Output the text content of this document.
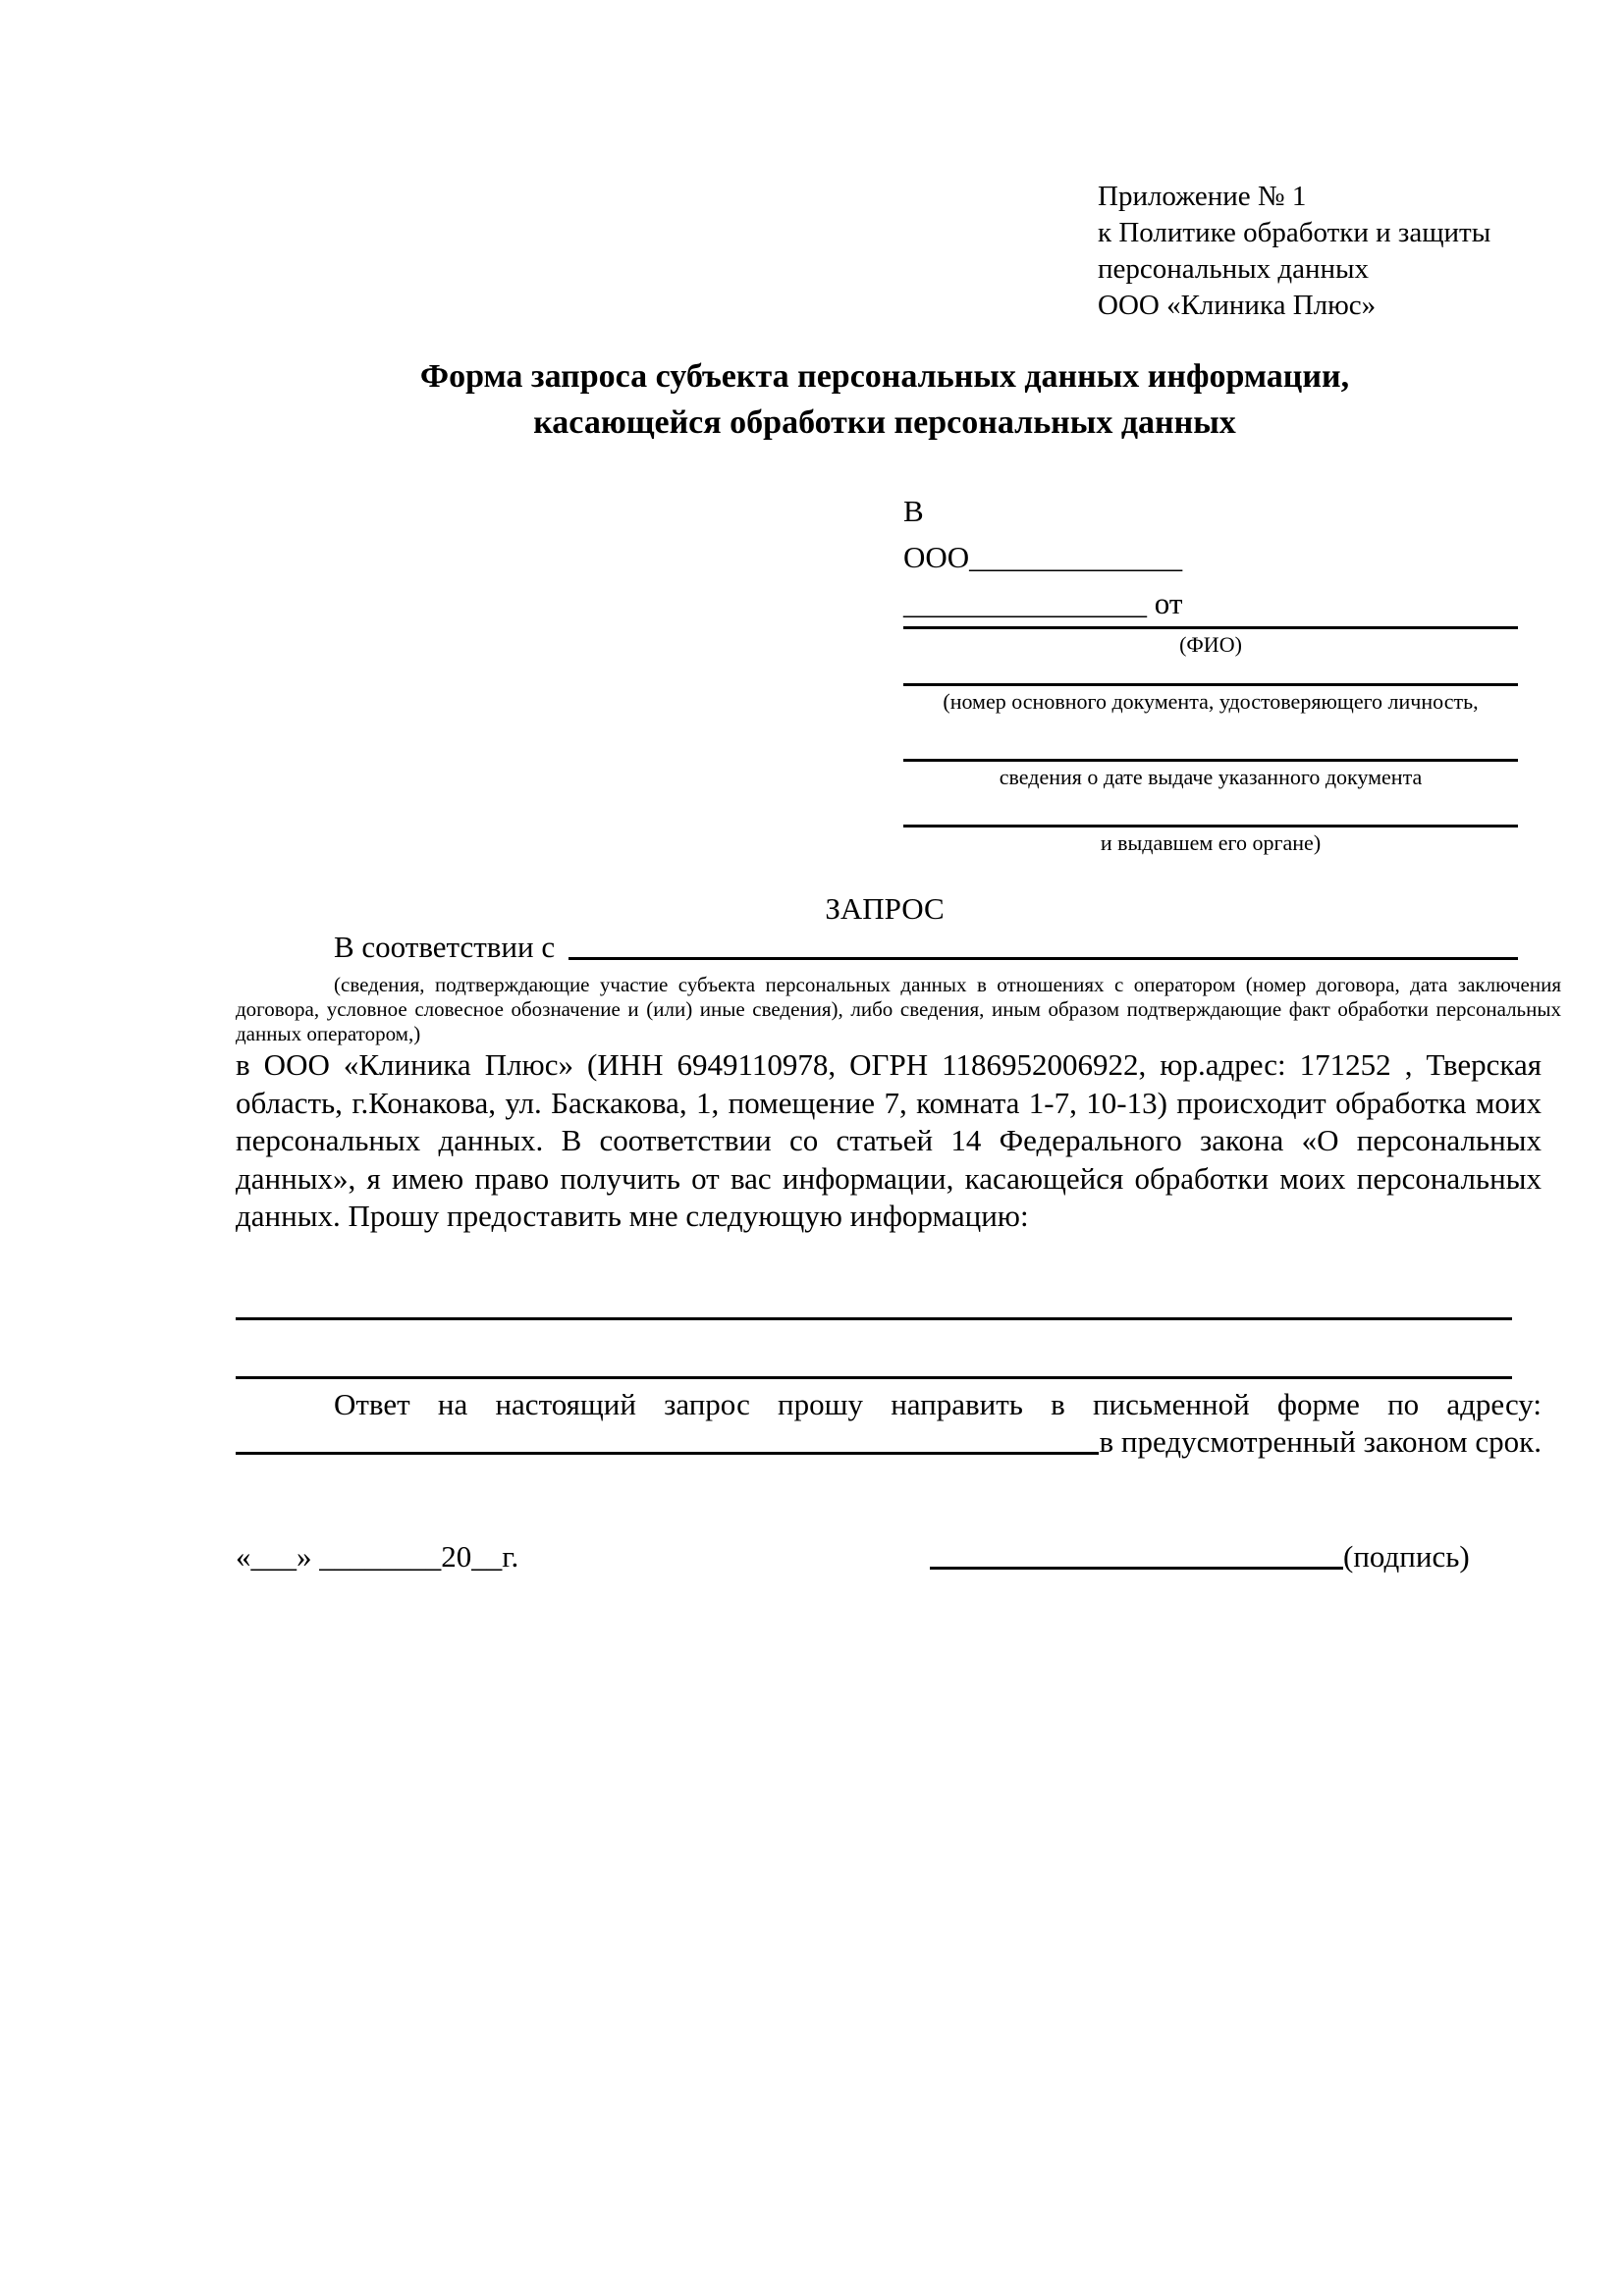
Приложение № 1
к Политике обработки и защиты
персональных данных
ООО «Клиника Плюс»
Форма запроса субъекта персональных данных информации,
касающейся обработки персональных данных
В
ООО______________
________________ от
(ФИО)
(номер основного документа, удостоверяющего личность,
сведения о дате выдаче указанного документа
и выдавшем его органе)
ЗАПРОС
В соответствии с
(сведения, подтверждающие участие субъекта персональных данных в отношениях с оператором (номер договора, дата заключения договора, условное словесное обозначение и (или) иные сведения), либо сведения, иным образом подтверждающие факт обработки персональных данных оператором,)
в ООО «Клиника Плюс» (ИНН 6949110978, ОГРН 1186952006922, юр.адрес: 171252 , Тверская область, г.Конакова, ул. Баскакова, 1, помещение 7, комната 1-7, 10-13) происходит обработка моих персональных данных. В соответствии со статьей 14 Федерального закона «О персональных данных», я имею право получить от вас информации, касающейся обработки моих персональных данных. Прошу предоставить мне следующую информацию:
Ответ на настоящий запрос прошу направить в письменной форме по адресу:
в предусмотренный законом срок.
«___» ________20__г.	(подпись)
